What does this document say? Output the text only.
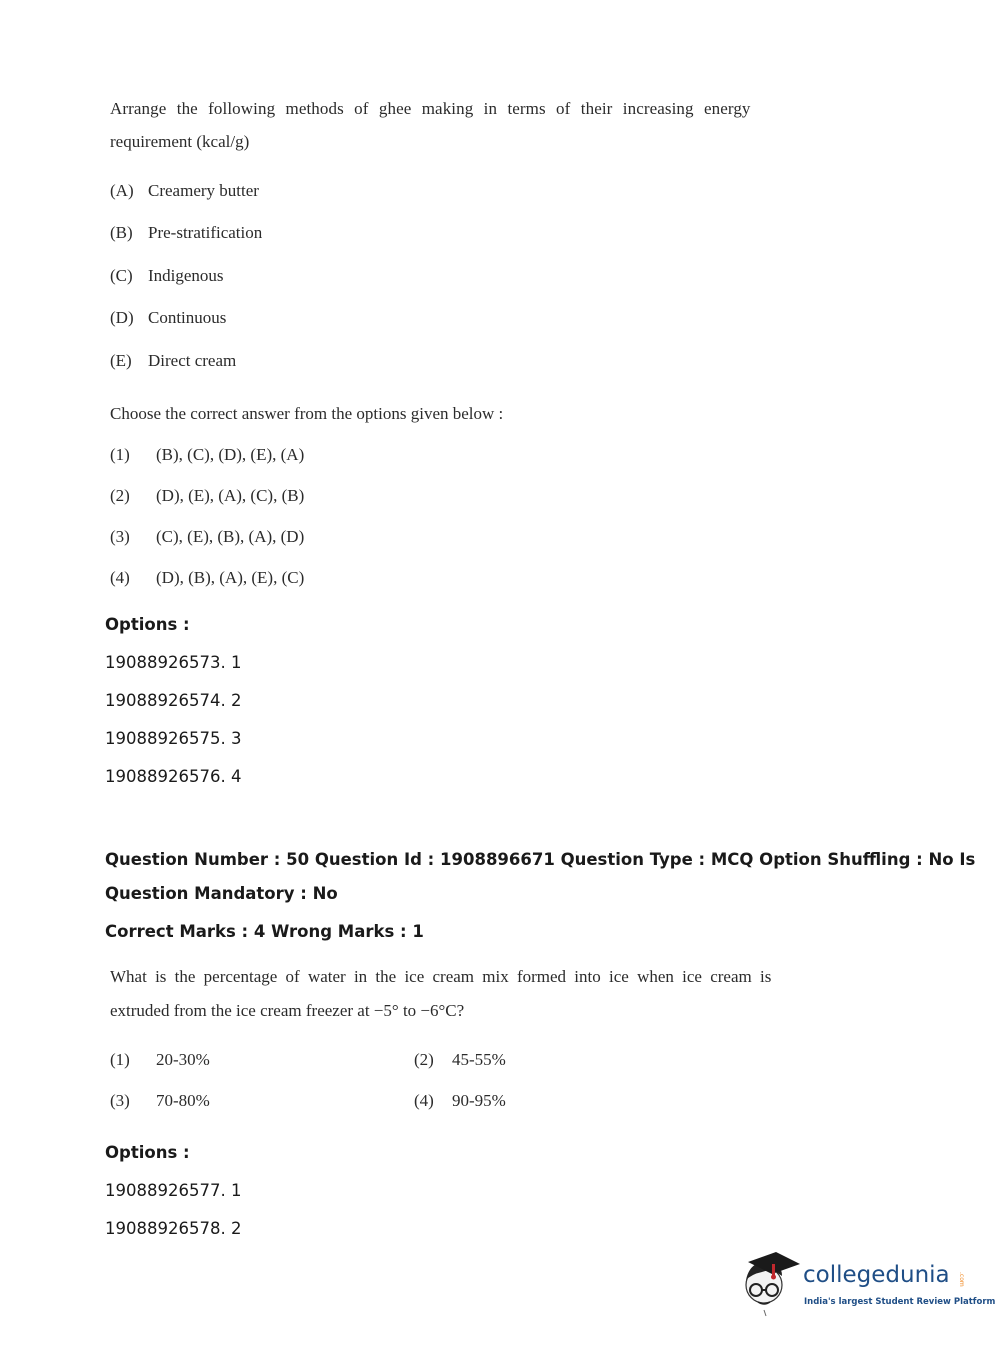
Arrange the following methods of ghee making in terms of their increasing energy
requirement (kcal/g)
(A) Creamery butter
(B) Pre-stratification
(C) Indigenous
(D) Continuous
(E) Direct cream
Choose the correct answer from the options given below :
(1) (B), (C), (D), (E), (A)
(2) (D), (E), (A), (C), (B)
(3) (C), (E), (B), (A), (D)
(4) (D), (B), (A), (E), (C)
Options :
19088926573. 1
19088926574. 2
19088926575. 3
19088926576. 4
Question Number : 50 Question Id : 1908896671 Question Type : MCQ Option Shuffling : No Is
Question Mandatory : No
Correct Marks : 4 Wrong Marks : 1
What is the percentage of water in the ice cream mix formed into ice when ice cream is
extruded from the ice cream freezer at −5° to −6°C?
(1) 20-30%	(2) 45-55%
(3) 70-80%	(4) 90-95%
Options :
19088926577. 1
19088926578. 2
collegedunia .com
India's largest Student Review Platform
